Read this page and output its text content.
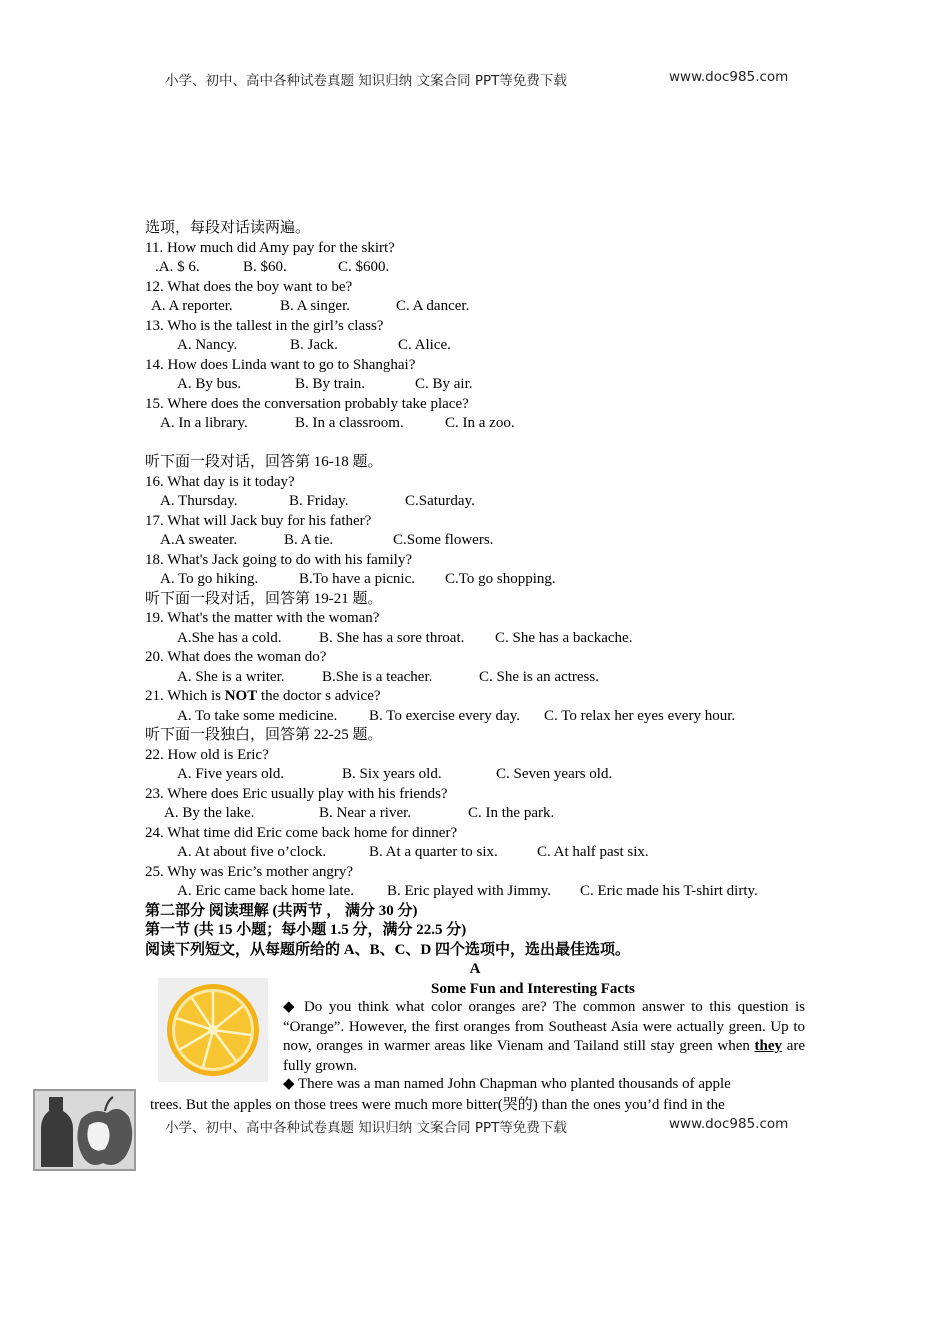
小学、初中、高中各种试卷真题 知识归纳 文案合同 PPT等免费下载	www.doc985.com
选项，每段对话读两遍。
11. How much did Amy pay for the skirt?
.A. $ 6.	B. $60.	C. $600.
12. What does the boy want to be?
A. A reporter.	B. A singer.	C. A dancer.
13. Who is the tallest in the girl’s class?
A. Nancy.	B. Jack.	C. Alice.
14. How does Linda want to go to Shanghai?
A. By bus.	B. By train.	C. By air.
15. Where does the conversation probably take place?
A. In a library.	B. In a classroom.	C. In a zoo.
听下面一段对话，回答第 16-18 题。
16. What day is it today?
A. Thursday.	B. Friday.	C.Saturday.
17. What will Jack buy for his father?
A.A sweater.	B. A tie.	C.Some flowers.
18. What's Jack going to do with his family?
A. To go hiking.	B.To have a picnic. C.To go shopping.
听下面一段对话，回答第 19-21 题。
19. What's the matter with the woman?
A.She has a cold. B. She has a sore throat. C. She has a backache.
20. What does the woman do?
A. She is a writer.	B.She is a teacher.	C. She is an actress.
21. Which is NOT the doctor s advice?
A. To take some medicine. B. To exercise every day. C. To relax her eyes every hour.
听下面一段独白，回答第 22-25 题。
22. How old is Eric?
A. Five years old.	B. Six years old.	C. Seven years old.
23. Where does Eric usually play with his friends?
A. By the lake.	B. Near a river.	C. In the park.
24. What time did Eric come back home for dinner?
A. At about five o’clock.	B. At a quarter to six.	C. At half past six.
25. Why was Eric’s mother angry?
A. Eric came back home late. B. Eric played with Jimmy. C. Eric made his T-shirt dirty.
第二部分 阅读理解 (共两节 ， 满分 30 分)
第一节 (共 15 小题；每小题 1.5 分，满分 22.5 分)
阅读下列短文，从每题所给的 A、B、C、D 四个选项中，选出最佳选项。
A
Some Fun and Interesting Facts
◆ Do you think what color oranges are? The common answer to this question is “Orange”. However, the first oranges from Southeast Asia were actually green. Up to now, oranges in warmer areas like Vienam and Tailand still stay green when they are fully grown.
◆ There was a man named John Chapman who planted thousands of apple
trees. But the apples on those trees were much more bitter(哭的) than the ones you’d find in the
小学、初中、高中各种试卷真题 知识归纳 文案合同 PPT等免费下载	www.doc985.com
